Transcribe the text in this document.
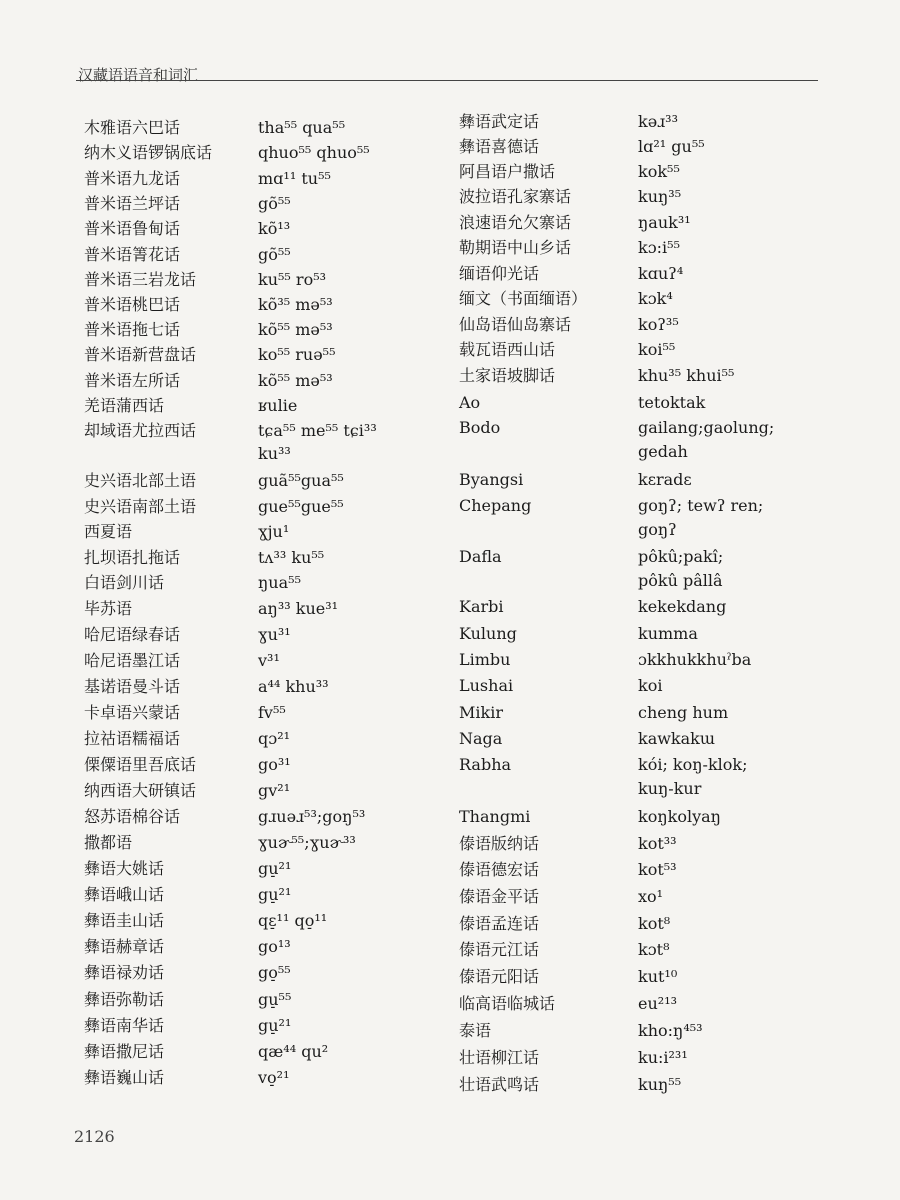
汉藏语语音和词汇
木雅语六巴话	tha⁵⁵ qua⁵⁵
纳木义语锣锅底话	qhuo⁵⁵ qhuo⁵⁵
普米语九龙话	mɑ¹¹ tu⁵⁵
普米语兰坪话	gõ⁵⁵
普米语鲁甸话	kõ¹³
普米语箐花话	gõ⁵⁵
普米语三岩龙话	ku⁵⁵ ro⁵³
普米语桃巴话	kõ³⁵ mə⁵³
普米语拖七话	kõ⁵⁵ mə⁵³
普米语新营盘话	ko⁵⁵ ruə⁵⁵
普米语左所话	kõ⁵⁵ mə⁵³
羌语蒲西话	ʁulie
却域语尤拉西话	tɕa⁵⁵ me⁵⁵ tɕi³³
ku³³
史兴语北部土语	guã⁵⁵gua⁵⁵
史兴语南部土语	gue⁵⁵gue⁵⁵
西夏语	ɣju¹
扎坝语扎拖话	tʌ³³ ku⁵⁵
白语剑川话	ŋua⁵⁵
毕苏语	aŋ³³ kue³¹
哈尼语绿春话	ɣu³¹
哈尼语墨江话	v³¹
基诺语曼斗话	a⁴⁴ khu³³
卡卓语兴蒙话	fv⁵⁵
拉祜语糯福话	qɔ²¹
傈僳语里吾底话	go³¹
纳西语大研镇话	gv²¹
怒苏语棉谷话	gɹuəɹ⁵³;goŋ⁵³
撒都语	ɣuɚ⁵⁵;ɣuɚ³³
彝语大姚话	gu̠²¹
彝语峨山话	gu̠²¹
彝语圭山话	qɛ̠¹¹ qo̠¹¹
彝语赫章话	go¹³
彝语禄劝话	go̠⁵⁵
彝语弥勒话	gu̠⁵⁵
彝语南华话	gu̠²¹
彝语撒尼话	qæ⁴⁴ qu²
彝语巍山话	vo̠²¹
彝语武定话	kəɹ³³
彝语喜德话	lɑ²¹ gu⁵⁵
阿昌语户撒话	kok⁵⁵
波拉语孔家寨话	kuŋ³⁵
浪速语允欠寨话	ŋauk³¹
勒期语中山乡话	kɔ:i⁵⁵
缅语仰光话	kɑuʔ⁴
缅文（书面缅语）	kɔk⁴
仙岛语仙岛寨话	koʔ³⁵
载瓦语西山话	koi⁵⁵
土家语坡脚话	khu³⁵ khui⁵⁵
Ao	tetoktak
Bodo	gailang;gaolung;
gedah
Byangsi	kɛradɛ
Chepang	goŋʔ; tewʔ ren;
goŋʔ
Dafla	pôkû;pakî;
pôkû pâllâ
Karbi	kekekdang
Kulung	kumma
Limbu	ɔkkhukkhuˀba
Lushai	koi
Mikir	cheng hum
Naga	kawkakɯ
Rabha	kói; koŋ-klok;
kuŋ-kur
Thangmi	koŋkolyaŋ
傣语版纳话	kot³³
傣语德宏话	kot⁵³
傣语金平话	xo¹
傣语孟连话	kot⁸
傣语元江话	kɔt⁸
傣语元阳话	kut¹⁰
临高语临城话	eu²¹³
泰语	kho:ŋ⁴⁵³
壮语柳江话	ku:i²³¹
壮语武鸣话	kuŋ⁵⁵
2126
